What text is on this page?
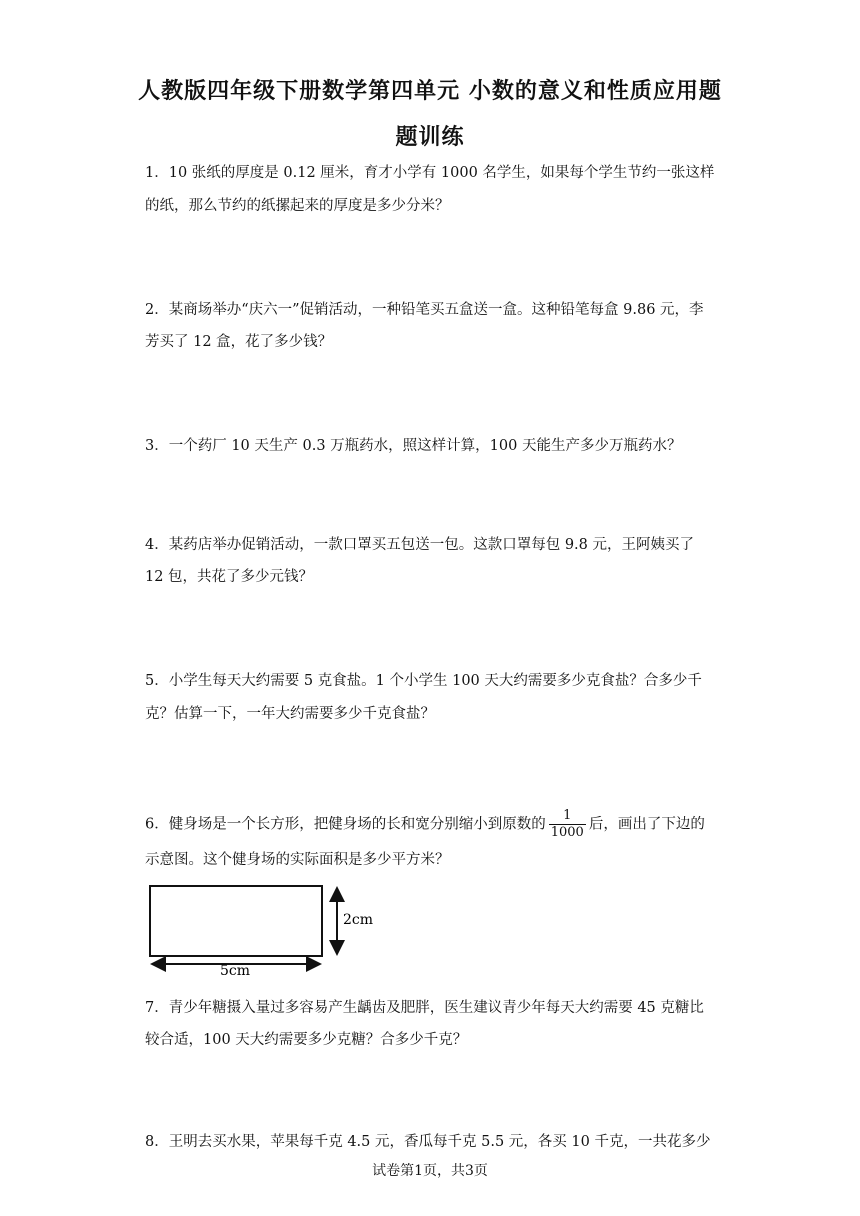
人教版四年级下册数学第四单元 小数的意义和性质应用题
题训练
1．10 张纸的厚度是 0.12 厘米，育才小学有 1000 名学生，如果每个学生节约一张这样
的纸，那么节约的纸摞起来的厚度是多少分米？
2．某商场举办“庆六一”促销活动，一种铅笔买五盒送一盒。这种铅笔每盒 9.86 元，李
芳买了 12 盒，花了多少钱？
3．一个药厂 10 天生产 0.3 万瓶药水，照这样计算，100 天能生产多少万瓶药水？
4．某药店举办促销活动，一款口罩买五包送一包。这款口罩每包 9.8 元，王阿姨买了
12 包，共花了多少元钱？
5．小学生每天大约需要 5 克食盐。1 个小学生 100 天大约需要多少克食盐？合多少千
克？估算一下，一年大约需要多少千克食盐？
6．健身场是一个长方形，把健身场的长和宽分别缩小到原数的 $\frac{1}{1000}$ 后，画出了下边的
示意图。这个健身场的实际面积是多少平方米？
2cm
5cm
7．青少年糖摄入量过多容易产生龋齿及肥胖，医生建议青少年每天大约需要 45 克糖比
较合适，100 天大约需要多少克糖？合多少千克？
8．王明去买水果，苹果每千克 4.5 元，香瓜每千克 5.5 元，各买 10 千克，一共花多少
试卷第1页，共3页
